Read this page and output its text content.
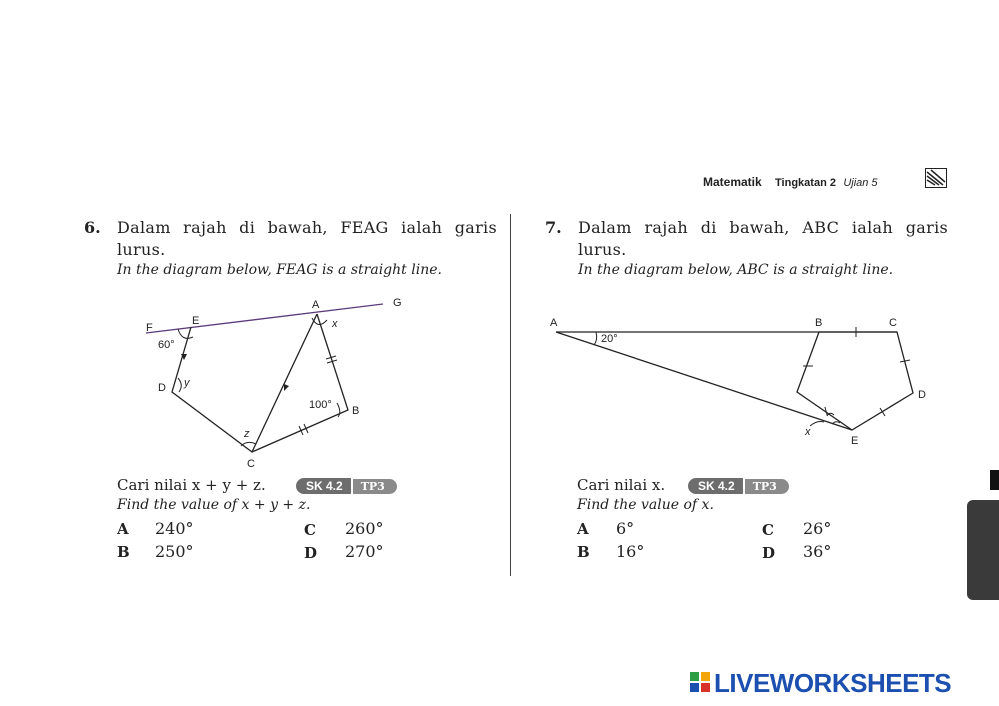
Matematik Tingkatan 2 Ujian 5
6. Dalam rajah di bawah, FEAG ialah garis
lurus.
In the diagram below, FEAG is a straight line.
F
E
A	G
x
60°
D y
100° B
z
C
Cari nilai x + y + z.	SK 4.2 TP3
Find the value of x + y + z.
A 240°
B 250°
C 260°
D 270°
7. Dalam rajah di bawah, ABC ialah garis
lurus.
In the diagram below, ABC is a straight line.
A
20°
B	C
D
E
x
Cari nilai x.	SK 4.2 TP3
Find the value of x.
A 6°
B 16°
C 26°
D 36°
LIVEWORKSHEETS
